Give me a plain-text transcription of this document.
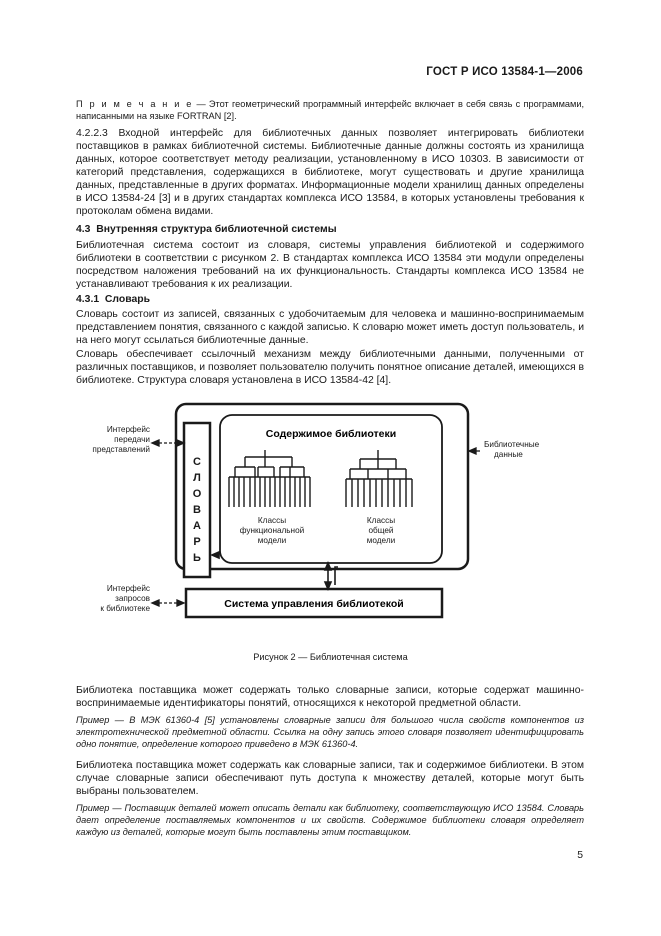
ГОСТ Р ИСО 13584-1—2006
П р и м е ч а н и е — Этот геометрический программный интерфейс включает в себя связь с программами, написанными на языке FORTRAN [2].
4.2.2.3 Входной интерфейс для библиотечных данных позволяет интегрировать библиотеки поставщиков в рамках библиотечной системы. Библиотечные данные должны состоять из хранилища данных, которое соответствует методу реализации, установленному в ИСО 10303. В зависимости от категорий представления, содержащихся в библиотеке, могут существовать и другие хранилища данных, представленные в других форматах. Информационные модели хранилищ данных определены в ИСО 13584-24 [3] и в других стандартах комплекса ИСО 13584, в которых установлены требования к протоколам обмена видами.
4.3 Внутренняя структура библиотечной системы
Библиотечная система состоит из словаря, системы управления библиотекой и содержимого библиотеки в соответствии с рисунком 2. В стандартах комплекса ИСО 13584 эти модули определены посредством наложения требований на их функциональность. Стандарты комплекса ИСО 13584 не устанавливают требования к их реализации.
4.3.1 Словарь
Словарь состоит из записей, связанных с удобочитаемым для человека и машинно-воспринимаемым представлением понятия, связанного с каждой записью. К словарю может иметь доступ пользователь, и на него могут ссылаться библиотечные данные.
Словарь обеспечивает ссылочный механизм между библиотечными данными, полученными от различных поставщиков, и позволяет пользователю получить понятное описание деталей, имеющихся в библиотеке. Структура словаря установлена в ИСО 13584-42 [4].
С
Л
О
В
А
Р
Ь
Содержимое библиотеки
Классы
функциональной
модели
Классы
общей
модели
Система управления библиотекой
Интерфейс
передачи
представлений
Интерфейс
запросов
к библиотеке
Библиотечные
данные
Рисунок 2 — Библиотечная система
Библиотека поставщика может содержать только словарные записи, которые содержат машинно-воспринимаемые идентификаторы понятий, относящихся к некоторой предметной области.
Пример — В МЭК 61360-4 [5] установлены словарные записи для большого числа свойств компонентов из электротехнической предметной области. Ссылка на одну запись этого словаря позволяет идентифицировать одно понятие, определение которого приведено в МЭК 61360-4.
Библиотека поставщика может содержать как словарные записи, так и содержимое библиотеки. В этом случае словарные записи обеспечивают путь доступа к множеству деталей, которые могут быть выбраны пользователем.
Пример — Поставщик деталей может описать детали как библиотеку, соответствующую ИСО 13584. Словарь дает определение поставляемых компонентов и их свойств. Содержимое библиотеки словаря определяет каждую из деталей, которые могут быть поставлены этим поставщиком.
5
